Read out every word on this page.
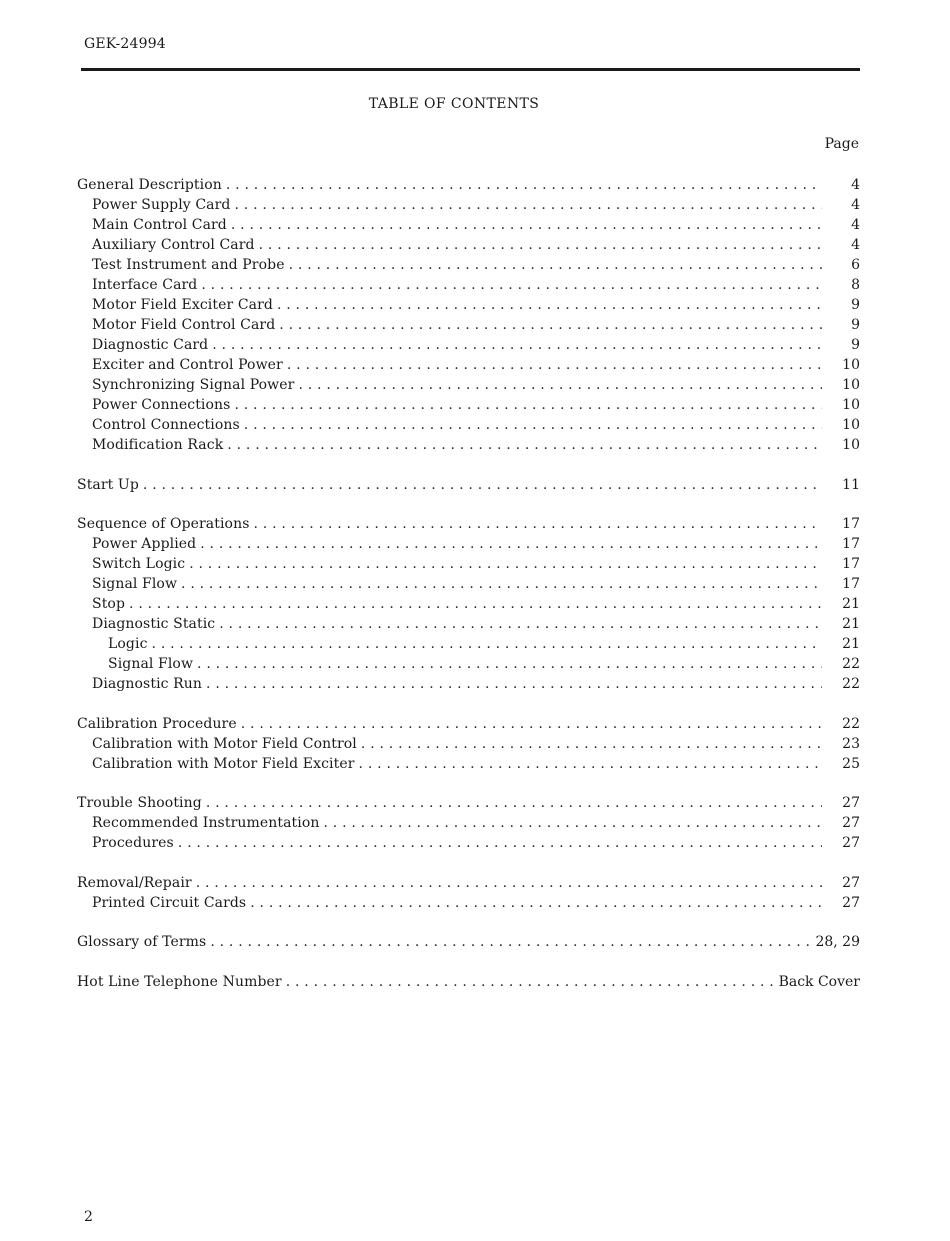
GEK-24994
TABLE OF CONTENTS
Page
General Description . . .	4
Power Supply Card . . .	4
Main Control Card . . .	4
Auxiliary Control Card . . .	4
Test Instrument and Probe . . .	6
Interface Card . . .	8
Motor Field Exciter Card . . .	9
Motor Field Control Card . . .	9
Diagnostic Card . . .	9
Exciter and Control Power . . .	10
Synchronizing Signal Power . . .	10
Power Connections . . .	10
Control Connections . . .	10
Modification Rack . . .	10
Start Up . . .	11
Sequence of Operations . . .	17
Power Applied . . .	17
Switch Logic . . .	17
Signal Flow . . .	17
Stop . . .	21
Diagnostic Static . . .	21
Logic . . .	21
Signal Flow . . .	22
Diagnostic Run . . .	22
Calibration Procedure . . .	22
Calibration with Motor Field Control . . .	23
Calibration with Motor Field Exciter . . .	25
Trouble Shooting . . .	27
Recommended Instrumentation . . .	27
Procedures . . .	27
Removal/Repair . . .	27
Printed Circuit Cards . . .	27
Glossary of Terms . . .	28, 29
Hot Line Telephone Number . . .	Back Cover
2
